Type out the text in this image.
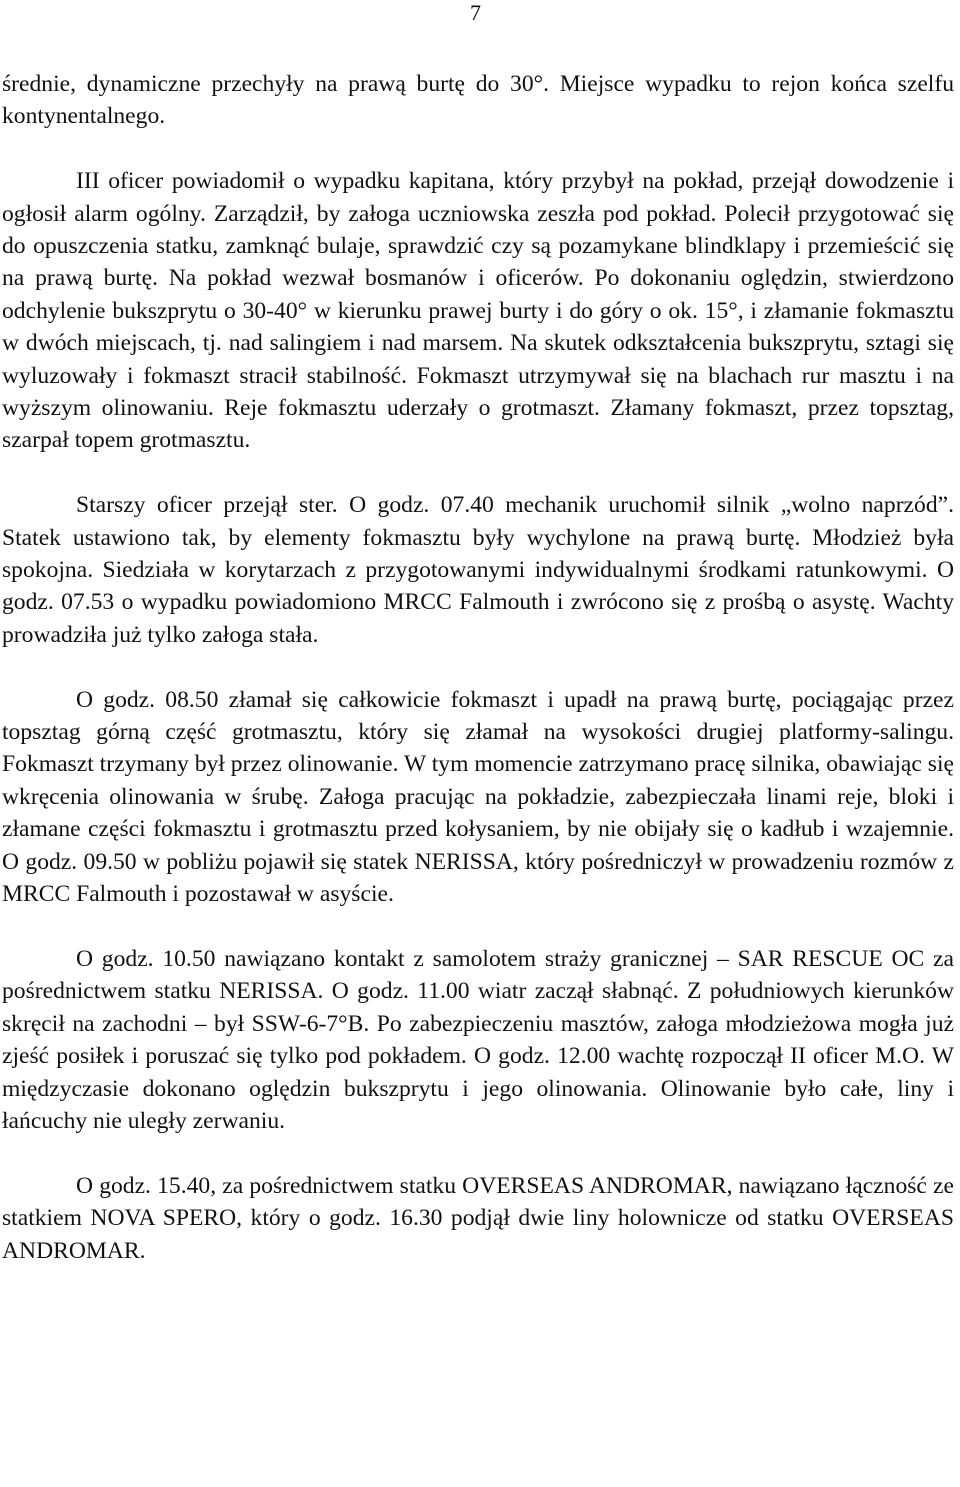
7

średnie, dynamiczne przechyły na prawą burtę do 30°. Miejsce wypadku to rejon końca szelfu kontynentalnego.

III oficer powiadomił o wypadku kapitana, który przybył na pokład, przejął dowodzenie i ogłosił alarm ogólny. Zarządził, by załoga uczniowska zeszła pod pokład. Polecił przygotować się do opuszczenia statku, zamknąć bulaje, sprawdzić czy są pozamykane blindklapy i przemieścić się na prawą burtę. Na pokład wezwał bosmanów i oficerów. Po dokonaniu oględzin, stwierdzono odchylenie bukszprytu o 30-40° w kierunku prawej burty i do góry o ok. 15°, i złamanie fokmasztu w dwóch miejscach, tj. nad salingiem i nad marsem. Na skutek odkształcenia bukszprytu, sztagi się wyluzowały i fokmaszt stracił stabilność. Fokmaszt utrzymywał się na blachach rur masztu i na wyższym olinowaniu. Reje fokmasztu uderzały o grotmaszt. Złamany fokmaszt, przez topsztag, szarpał topem grotmasztu.

Starszy oficer przejął ster. O godz. 07.40 mechanik uruchomił silnik „wolno naprzód”. Statek ustawiono tak, by elementy fokmasztu były wychylone na prawą burtę. Młodzież była spokojna. Siedziała w korytarzach z przygotowanymi indywidualnymi środkami ratunkowymi. O godz. 07.53 o wypadku powiadomiono MRCC Falmouth i zwrócono się z prośbą o asystę. Wachty prowadziła już tylko załoga stała.

O godz. 08.50 złamał się całkowicie fokmaszt i upadł na prawą burtę, pociągając przez topsztag górną część grotmasztu, który się złamał na wysokości drugiej platformy-salingu. Fokmaszt trzymany był przez olinowanie. W tym momencie zatrzymano pracę silnika, obawiając się wkręcenia olinowania w śrubę. Załoga pracując na pokładzie, zabezpieczała linami reje, bloki i złamane części fokmasztu i grotmasztu przed kołysaniem, by nie obijały się o kadłub i wzajemnie. O godz. 09.50 w pobliżu pojawił się statek NERISSA, który pośredniczył w prowadzeniu rozmów z MRCC Falmouth i pozostawał w asyście.

O godz. 10.50 nawiązano kontakt z samolotem straży granicznej – SAR RESCUE OC za pośrednictwem statku NERISSA. O godz. 11.00 wiatr zaczął słabnąć. Z południowych kierunków skręcił na zachodni – był SSW-6-7°B. Po zabezpieczeniu masztów, załoga młodzieżowa mogła już zjeść posiłek i poruszać się tylko pod pokładem. O godz. 12.00 wachtę rozpoczął II oficer M.O. W międzyczasie dokonano oględzin bukszprytu i jego olinowania. Olinowanie było całe, liny i łańcuchy nie uległy zerwaniu.

O godz. 15.40, za pośrednictwem statku OVERSEAS ANDROMAR, nawiązano łączność ze statkiem NOVA SPERO, który o godz. 16.30 podjął dwie liny holownicze od statku OVERSEAS ANDROMAR.
